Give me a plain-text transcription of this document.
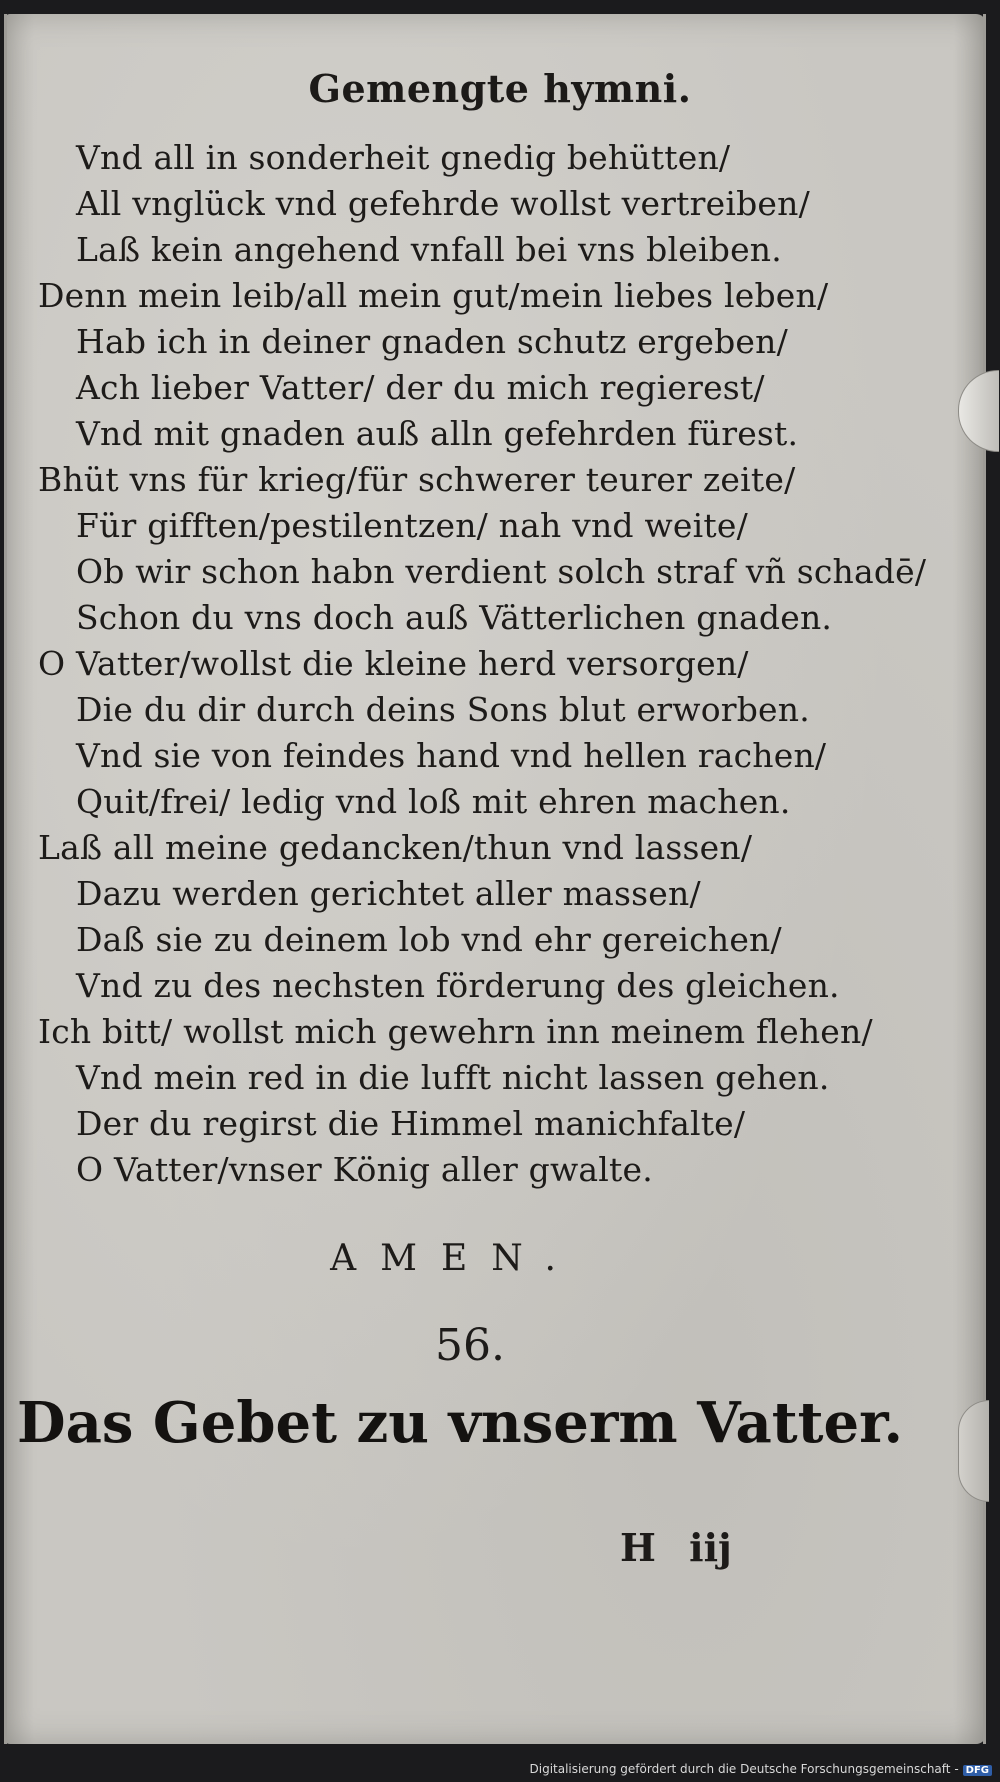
Gemengte hymni.
Vnd all in sonderheit gnedig behütten/
All vnglück vnd gefehrde wollst vertreiben/
Laß kein angehend vnfall bei vns bleiben.
Denn mein leib/all mein gut/mein liebes leben/
Hab ich in deiner gnaden schutz ergeben/
Ach lieber Vatter/ der du mich regierest/
Vnd mit gnaden auß alln gefehrden fürest.
Bhüt vns für krieg/für schwerer teurer zeite/
Für gifften/pestilentzen/ nah vnd weite/
Ob wir schon habn verdient solch straf vñ schadē/
Schon du vns doch auß Vätterlichen gnaden.
O Vatter/wollst die kleine herd versorgen/
Die du dir durch deins Sons blut erworben.
Vnd sie von feindes hand vnd hellen rachen/
Quit/frei/ ledig vnd loß mit ehren machen.
Laß all meine gedancken/thun vnd lassen/
Dazu werden gerichtet aller massen/
Daß sie zu deinem lob vnd ehr gereichen/
Vnd zu des nechsten förderung des gleichen.
Ich bitt/ wollst mich gewehrn inn meinem flehen/
Vnd mein red in die lufft nicht lassen gehen.
Der du regirst die Himmel manichfalte/
O Vatter/vnser König aller gwalte.
AMEN.
56.
Das Gebet zu vnserm Vatter.
H iij
Digitalisierung gefördert durch die Deutsche Forschungsgemeinschaft - DFG
